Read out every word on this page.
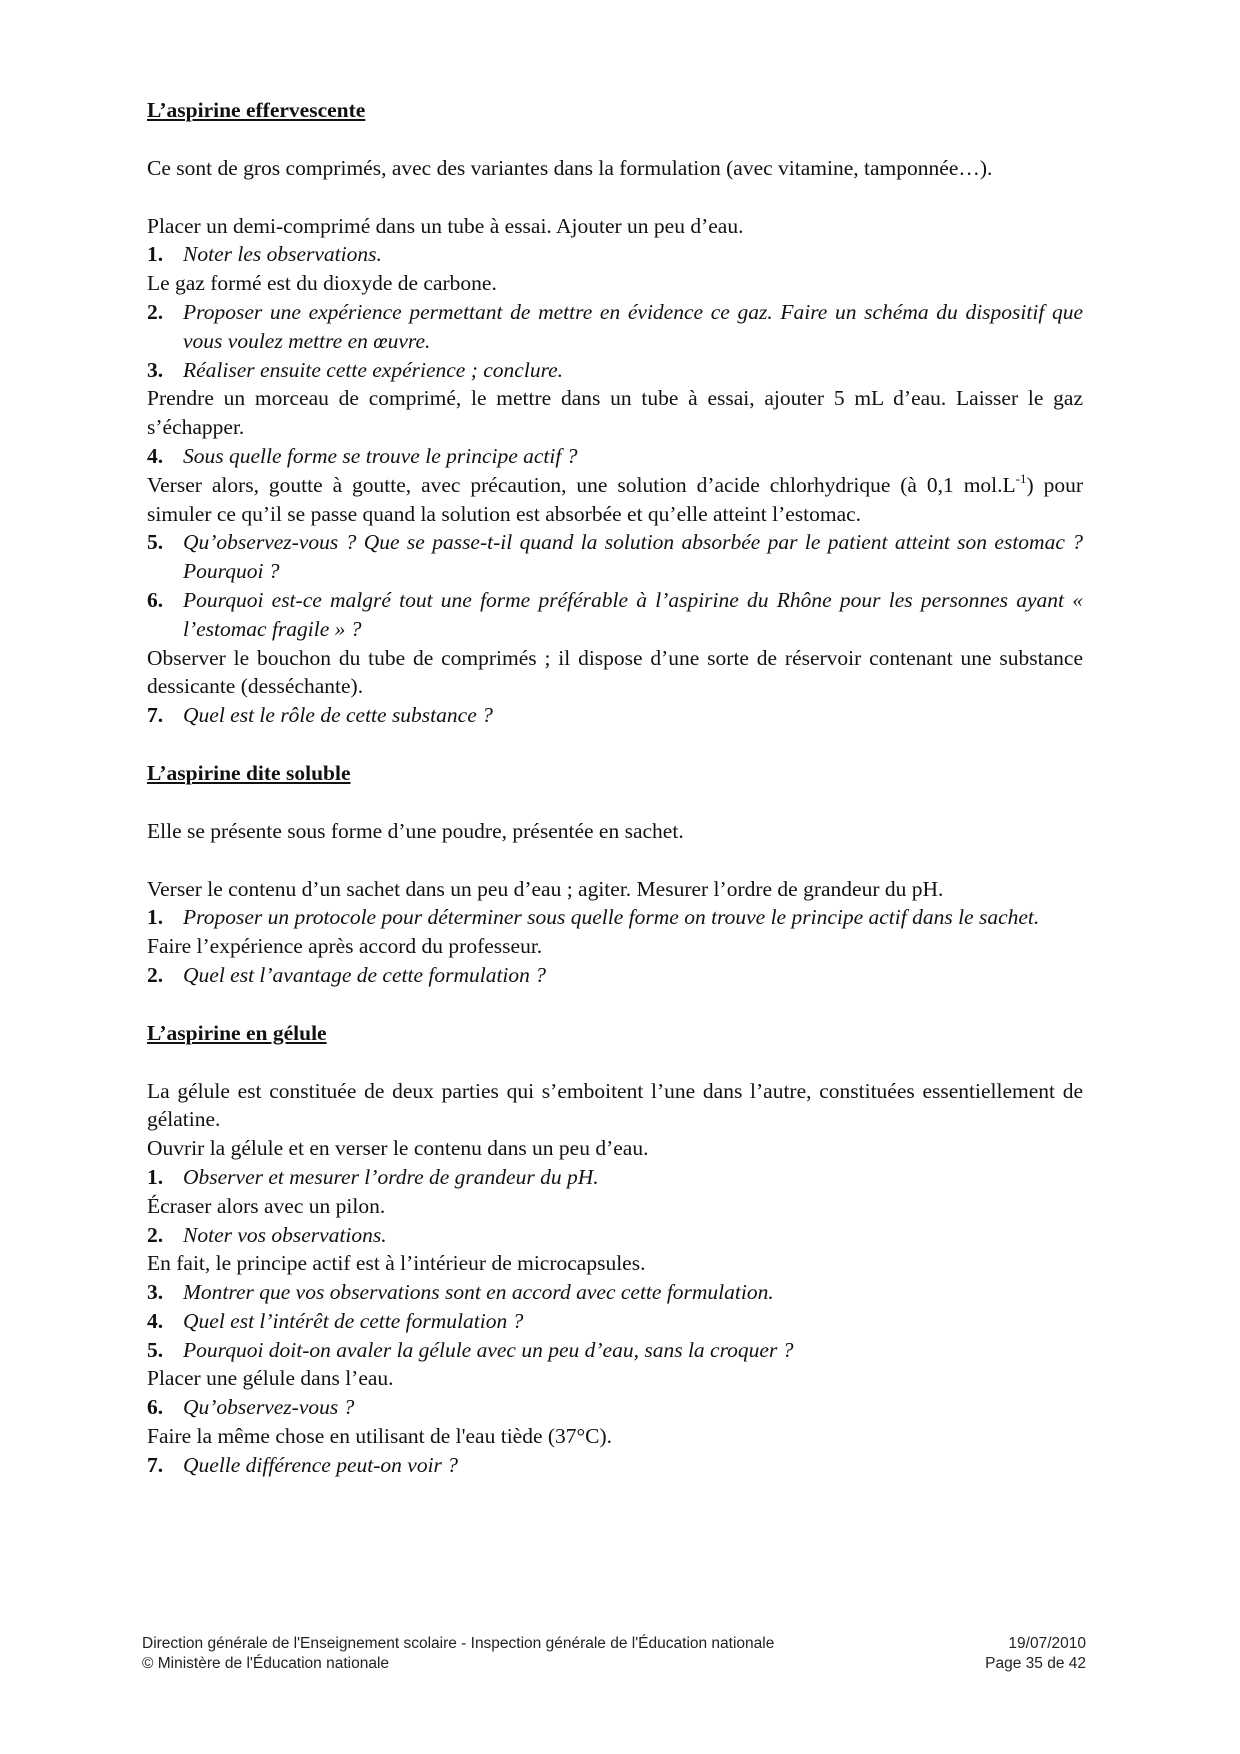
L’aspirine effervescente

Ce sont de gros comprimés, avec des variantes dans la formulation (avec vitamine, tamponnée…).

Placer un demi-comprimé dans un tube à essai. Ajouter un peu d’eau.

1. Noter les observations.

Le gaz formé est du dioxyde de carbone.

2. Proposer une expérience permettant de mettre en évidence ce gaz. Faire un schéma du dispositif que vous voulez mettre en œuvre.
3. Réaliser ensuite cette expérience ; conclure.

Prendre un morceau de comprimé, le mettre dans un tube à essai, ajouter 5 mL d’eau. Laisser le gaz s’échapper.

4. Sous quelle forme se trouve le principe actif ?

Verser alors, goutte à goutte, avec précaution, une solution d’acide chlorhydrique (à 0,1 $mol.L^{-1}$) pour simuler ce qu’il se passe quand la solution est absorbée et qu’elle atteint l’estomac.

5. Qu’observez-vous ? Que se passe-t-il quand la solution absorbée par le patient atteint son estomac ? Pourquoi ?
6. Pourquoi est-ce malgré tout une forme préférable à l’aspirine du Rhône pour les personnes ayant « l’estomac fragile » ?

Observer le bouchon du tube de comprimés ; il dispose d’une sorte de réservoir contenant une substance dessicante (desséchante).

7. Quel est le rôle de cette substance ?

L’aspirine dite soluble

Elle se présente sous forme d’une poudre, présentée en sachet.

Verser le contenu d’un sachet dans un peu d’eau ; agiter. Mesurer l’ordre de grandeur du pH.

1. Proposer un protocole pour déterminer sous quelle forme on trouve le principe actif dans le sachet.

Faire l’expérience après accord du professeur.

2. Quel est l’avantage de cette formulation ?

L’aspirine en gélule

La gélule est constituée de deux parties qui s’emboitent l’une dans l’autre, constituées essentiellement de gélatine.

Ouvrir la gélule et en verser le contenu dans un peu d’eau.

1. Observer et mesurer l’ordre de grandeur du pH.

Écraser alors avec un pilon.

2. Noter vos observations.

En fait, le principe actif est à l’intérieur de microcapsules.

3. Montrer que vos observations sont en accord avec cette formulation.
4. Quel est l’intérêt de cette formulation ?
5. Pourquoi doit-on avaler la gélule avec un peu d’eau, sans la croquer ?

Placer une gélule dans l’eau.

6. Qu’observez-vous ?

Faire la même chose en utilisant de l'eau tiède (37°C).

7. Quelle différence peut-on voir ?
Direction générale de l'Enseignement scolaire - Inspection générale de l'Éducation nationale
© Ministère de l'Éducation nationale
19/07/2010
Page 35 de 42
